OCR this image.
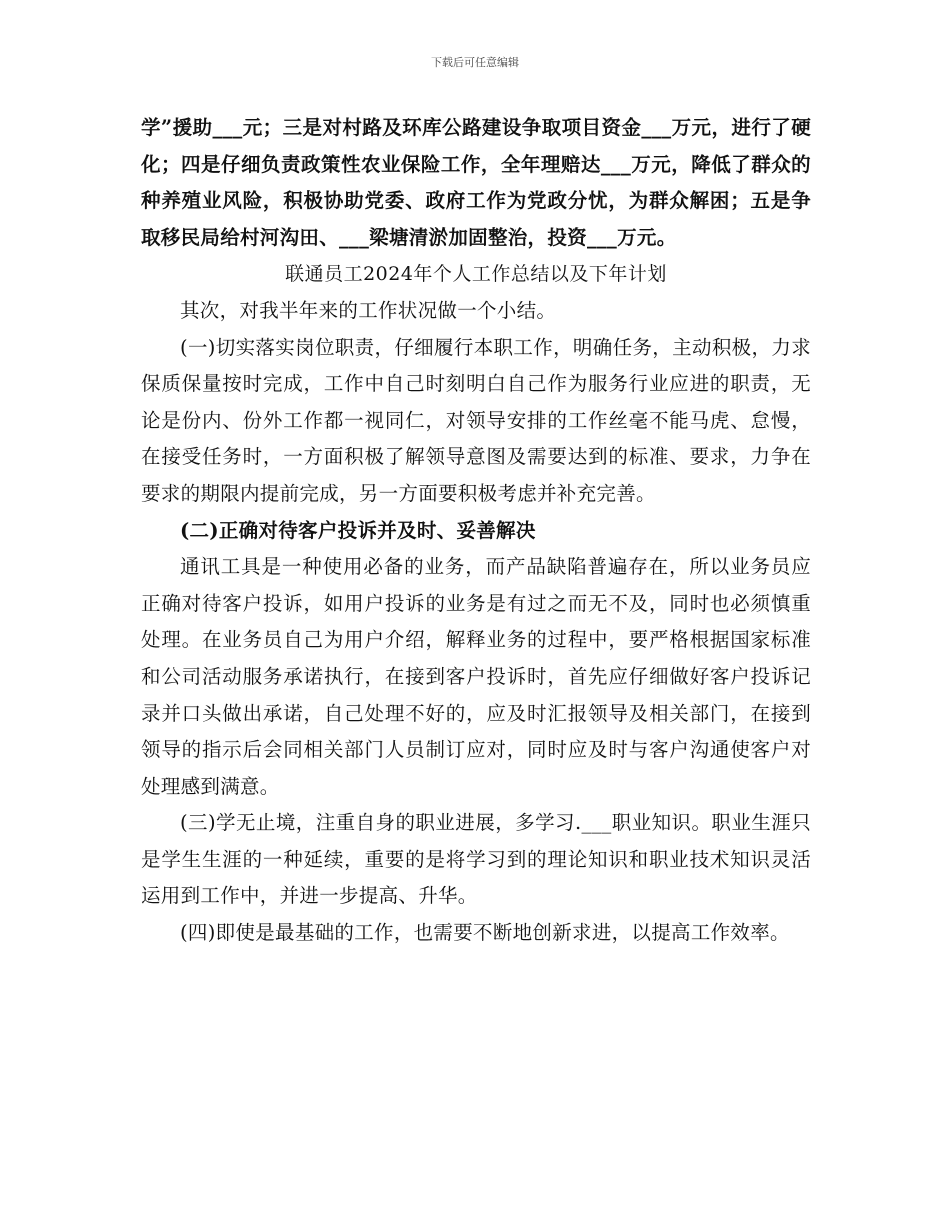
下载后可任意编辑

学”援助___元；三是对村路及环库公路建设争取项目资金___万元，进行了硬化；四是仔细负责政策性农业保险工作，全年理赔达___万元，降低了群众的种养殖业风险，积极协助党委、政府工作为党政分忧，为群众解困；五是争取移民局给村河沟田、___梁塘清淤加固整治，投资___万元。

联通员工2024年个人工作总结以及下年计划

其次，对我半年来的工作状况做一个小结。

(一)切实落实岗位职责，仔细履行本职工作，明确任务，主动积极，力求保质保量按时完成，工作中自己时刻明白自己作为服务行业应进的职责，无论是份内、份外工作都一视同仁，对领导安排的工作丝毫不能马虎、怠慢，在接受任务时，一方面积极了解领导意图及需要达到的标准、要求，力争在要求的期限内提前完成，另一方面要积极考虑并补充完善。

(二)正确对待客户投诉并及时、妥善解决

通讯工具是一种使用必备的业务，而产品缺陷普遍存在，所以业务员应正确对待客户投诉，如用户投诉的业务是有过之而无不及，同时也必须慎重处理。在业务员自己为用户介绍，解释业务的过程中，要严格根据国家标准和公司活动服务承诺执行，在接到客户投诉时，首先应仔细做好客户投诉记录并口头做出承诺，自己处理不好的，应及时汇报领导及相关部门，在接到领导的指示后会同相关部门人员制订应对，同时应及时与客户沟通使客户对处理感到满意。

(三)学无止境，注重自身的职业进展，多学习.___职业知识。职业生涯只是学生生涯的一种延续，重要的是将学习到的理论知识和职业技术知识灵活运用到工作中，并进一步提高、升华。

(四)即使是最基础的工作，也需要不断地创新求进，以提高工作效率。
